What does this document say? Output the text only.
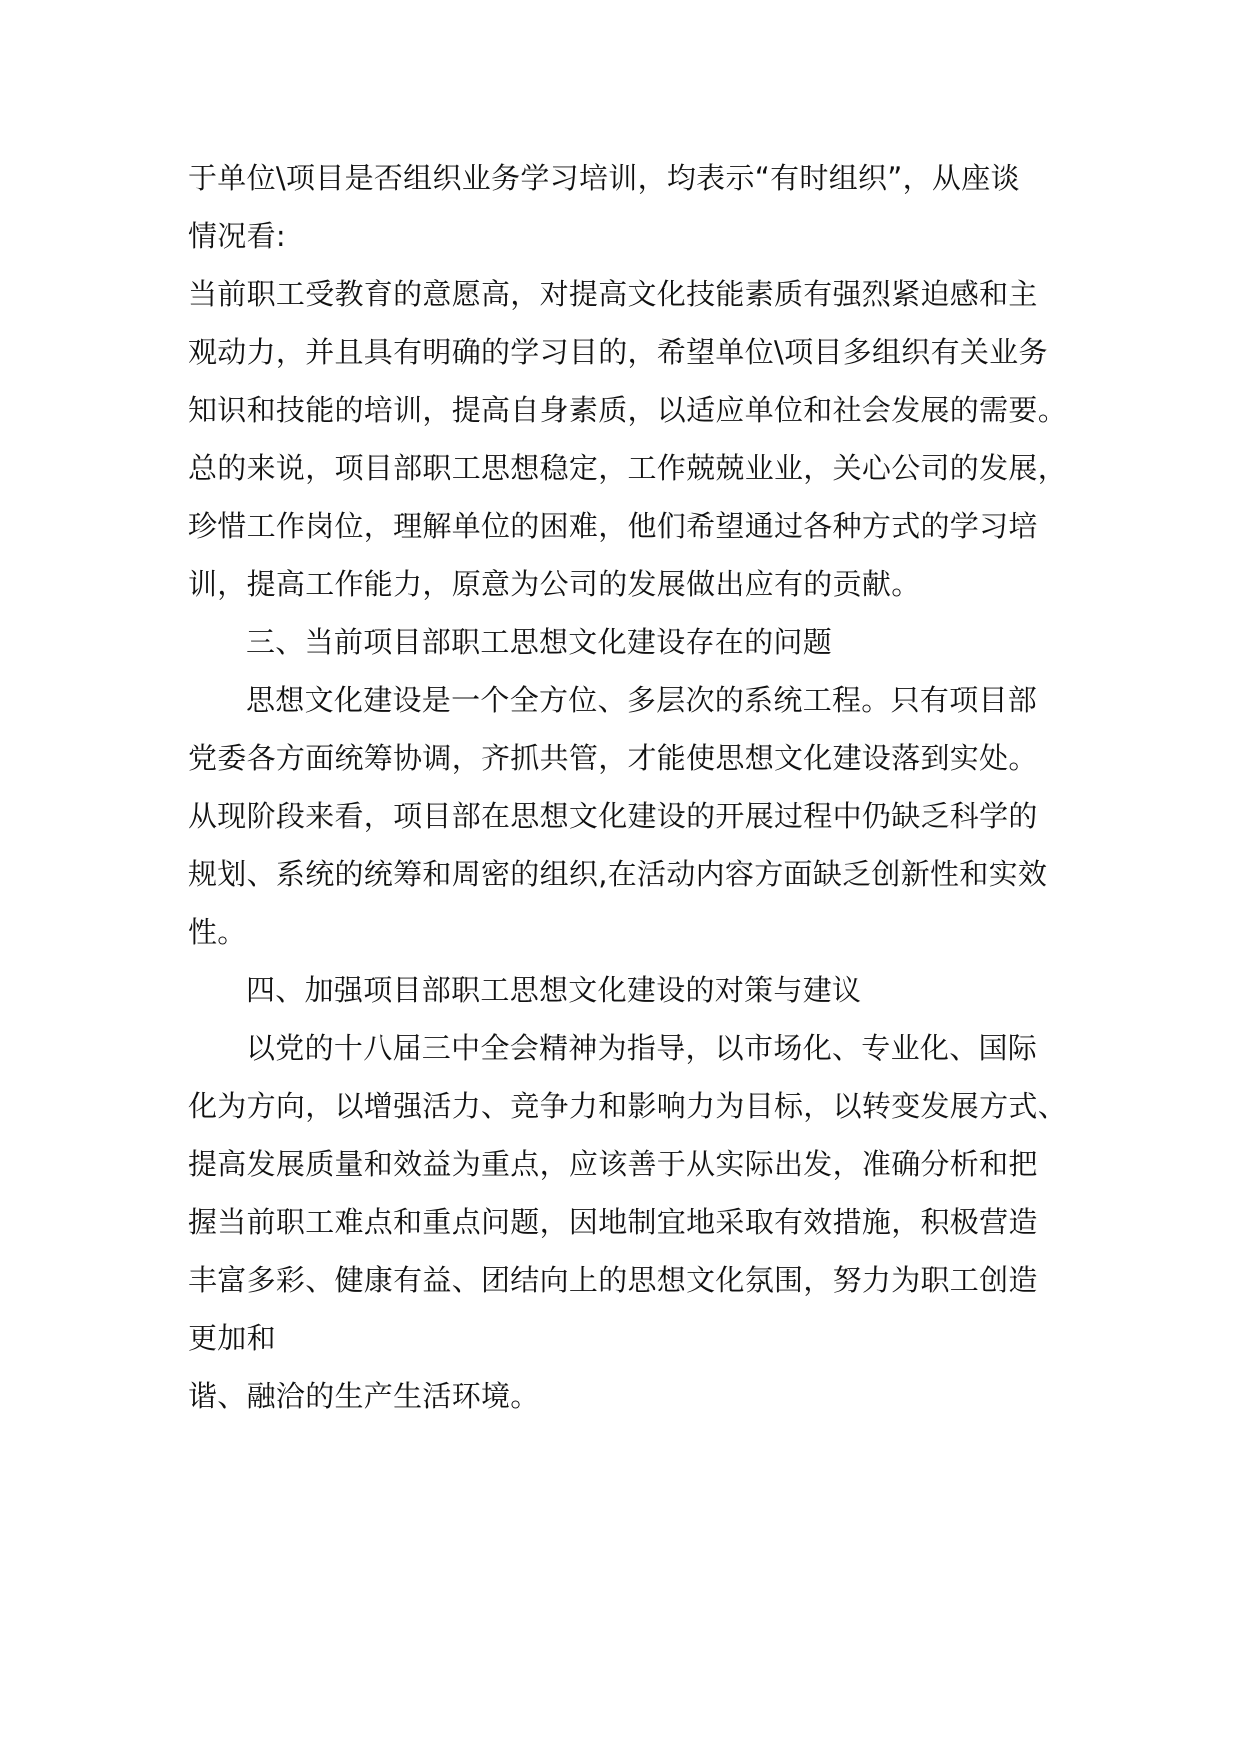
于单位\项目是否组织业务学习培训，均表示“有时组织”，从座谈
情况看:
当前职工受教育的意愿高，对提高文化技能素质有强烈紧迫感和主
观动力，并且具有明确的学习目的，希望单位\项目多组织有关业务
知识和技能的培训，提高自身素质，以适应单位和社会发展的需要。
总的来说，项目部职工思想稳定，工作兢兢业业，关心公司的发展，
珍惜工作岗位，理解单位的困难，他们希望通过各种方式的学习培
训，提高工作能力，原意为公司的发展做出应有的贡献。
三、当前项目部职工思想文化建设存在的问题
思想文化建设是一个全方位、多层次的系统工程。只有项目部
党委各方面统筹协调，齐抓共管，才能使思想文化建设落到实处。
从现阶段来看，项目部在思想文化建设的开展过程中仍缺乏科学的
规划、系统的统筹和周密的组织,在活动内容方面缺乏创新性和实效
性。
四、加强项目部职工思想文化建设的对策与建议
以党的十八届三中全会精神为指导，以市场化、专业化、国际
化为方向，以增强活力、竞争力和影响力为目标，以转变发展方式、
提高发展质量和效益为重点，应该善于从实际出发，准确分析和把
握当前职工难点和重点问题，因地制宜地采取有效措施，积极营造
丰富多彩、健康有益、团结向上的思想文化氛围，努力为职工创造
更加和
谐、融洽的生产生活环境。
